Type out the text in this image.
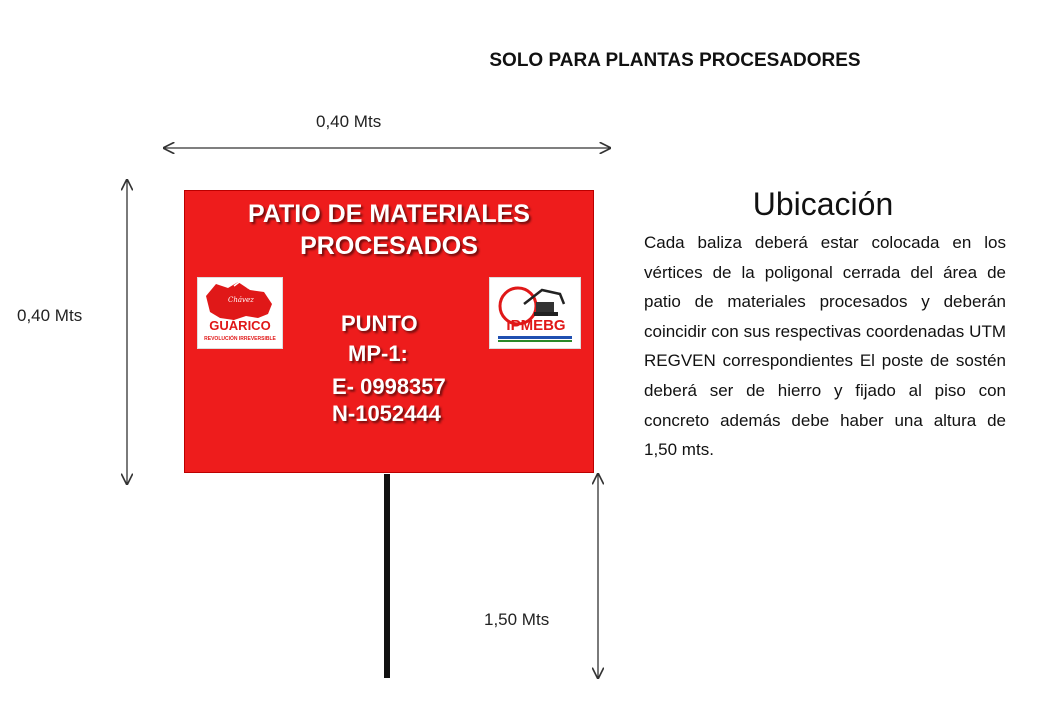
SOLO PARA PLANTAS PROCESADORES
0,40 Mts
0,40 Mts
1,50 Mts
PATIO DE MATERIALES
PROCESADOS
Chávez
GUÁRICO
REVOLUCIÓN IRREVERSIBLE
IPMEBG
PUNTO
MP-1:
E- 0998357
N-1052444
Ubicación
Cada baliza deberá estar colocada en los vértices de la poligonal cerrada del área de patio de materiales procesados y deberán coincidir con sus respectivas coordenadas UTM REGVEN correspondientes El poste de sostén deberá ser de hierro y fijado al piso con concreto además debe haber una altura de 1,50 mts.
